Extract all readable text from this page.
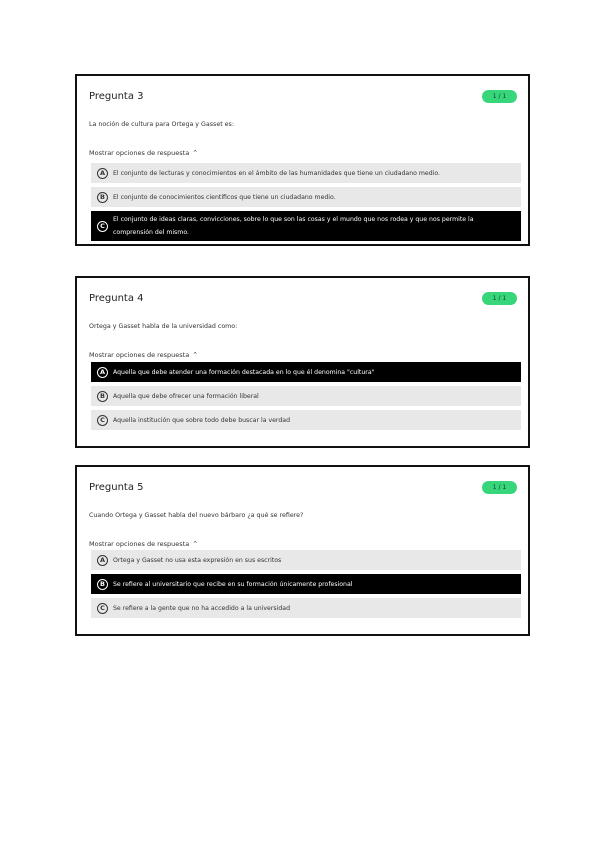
Pregunta 3	1 / 1
La noción de cultura para Ortega y Gasset es:
Mostrar opciones de respuesta ⌃
A	El conjunto de lecturas y conocimientos en el ámbito de las humanidades que tiene un ciudadano medio.
B	El conjunto de conocimientos científicos que tiene un ciudadano medio.
C
El conjunto de ideas claras, convicciones, sobre lo que son las cosas y el mundo que nos rodea y que nos permite la comprensión del mismo.
Pregunta 4	1 / 1
Ortega y Gasset habla de la universidad como:
Mostrar opciones de respuesta ⌃
A	Aquella que debe atender una formación destacada en lo que él denomina "cultura"
B	Aquella que debe ofrecer una formación liberal
C	Aquella institución que sobre todo debe buscar la verdad
Pregunta 5	1 / 1
Cuando Ortega y Gasset habla del nuevo bárbaro ¿a qué se refiere?
Mostrar opciones de respuesta ⌃
A	Ortega y Gasset no usa esta expresión en sus escritos
B	Se refiere al universitario que recibe en su formación únicamente profesional
C	Se refiere a la gente que no ha accedido a la universidad
